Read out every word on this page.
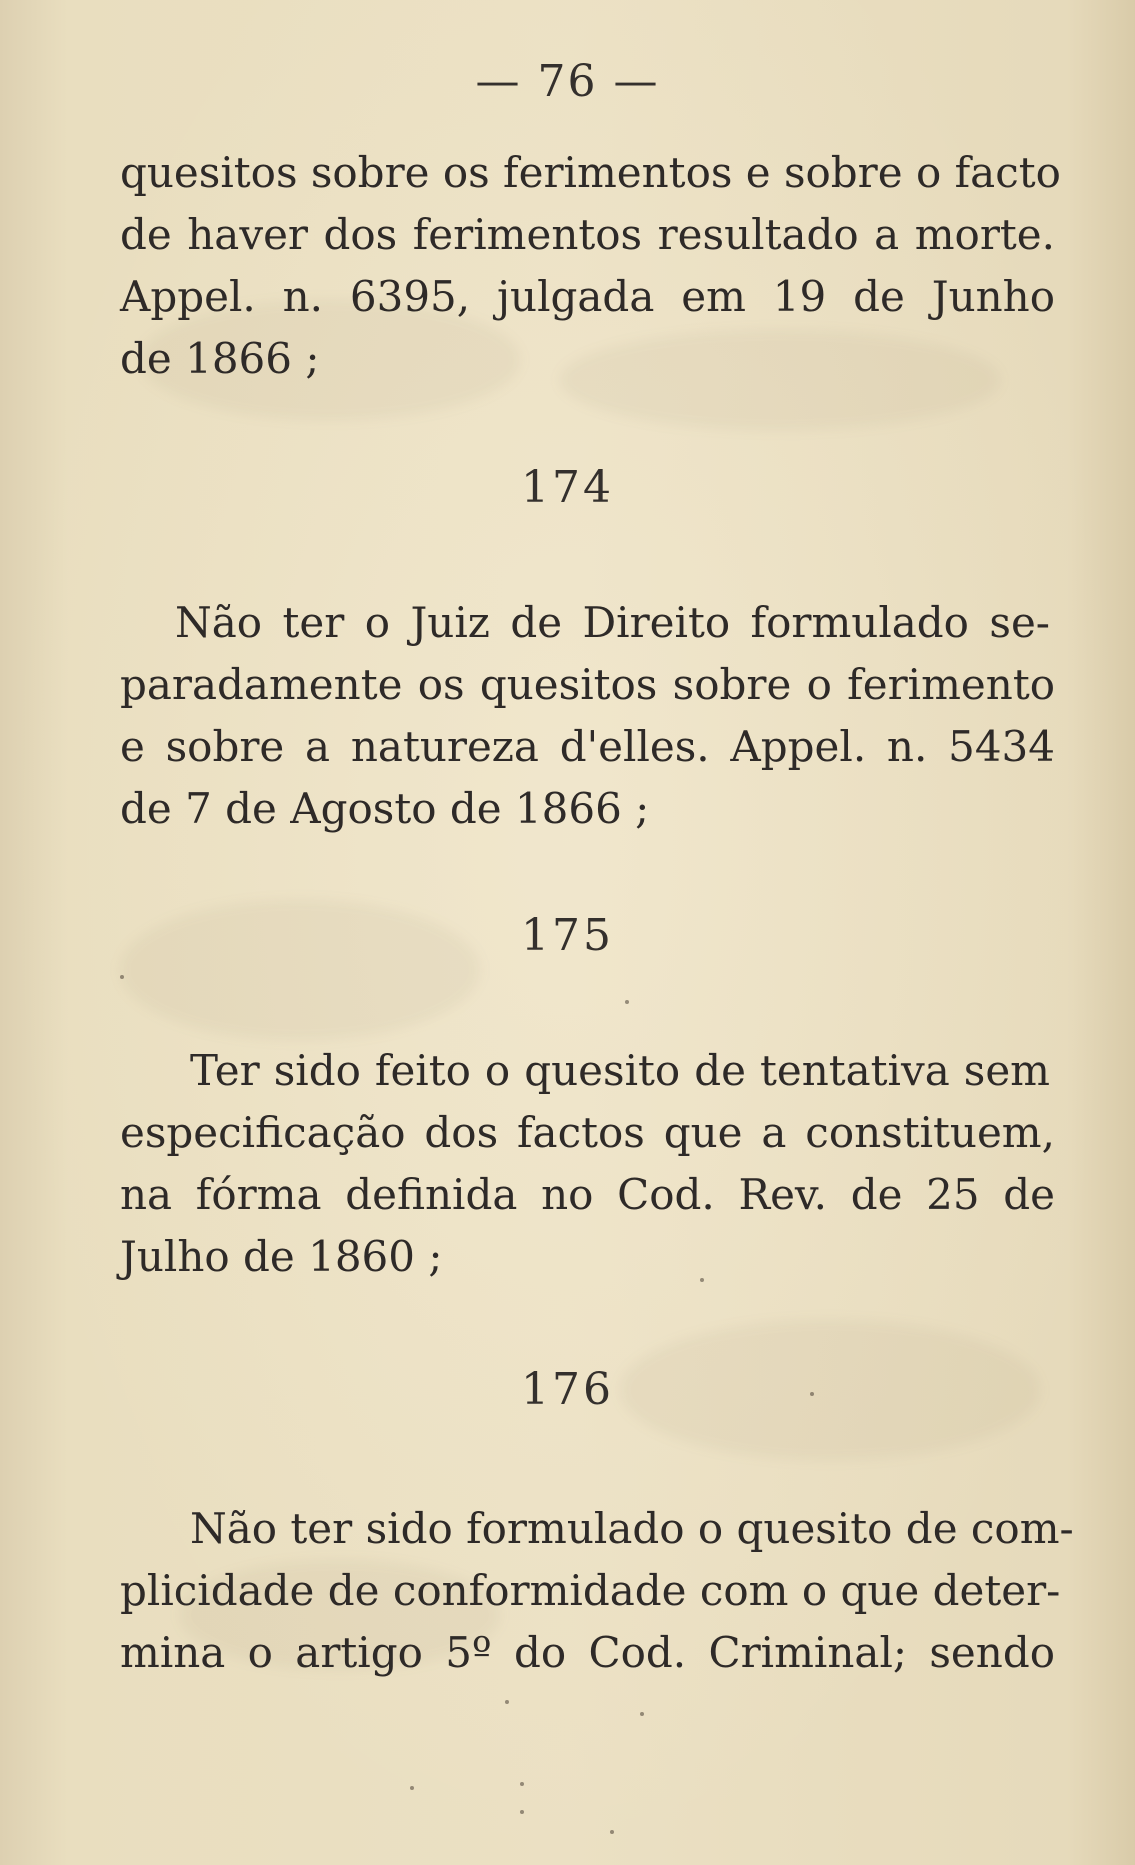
— 76 —
quesitos sobre os ferimentos e sobre o facto
de haver dos ferimentos resultado a morte.
Appel. n. 6395, julgada em 19 de Junho
de 1866 ;
174
Não ter o Juiz de Direito formulado se-
paradamente os quesitos sobre o ferimento
e sobre a natureza d'elles. Appel. n. 5434
de 7 de Agosto de 1866 ;
175
Ter sido feito o quesito de tentativa sem
especificação dos factos que a constituem,
na fórma definida no Cod. Rev. de 25 de
Julho de 1860 ;
176
Não ter sido formulado o quesito de com-
plicidade de conformidade com o que deter-
mina o artigo 5º do Cod. Criminal; sendo
